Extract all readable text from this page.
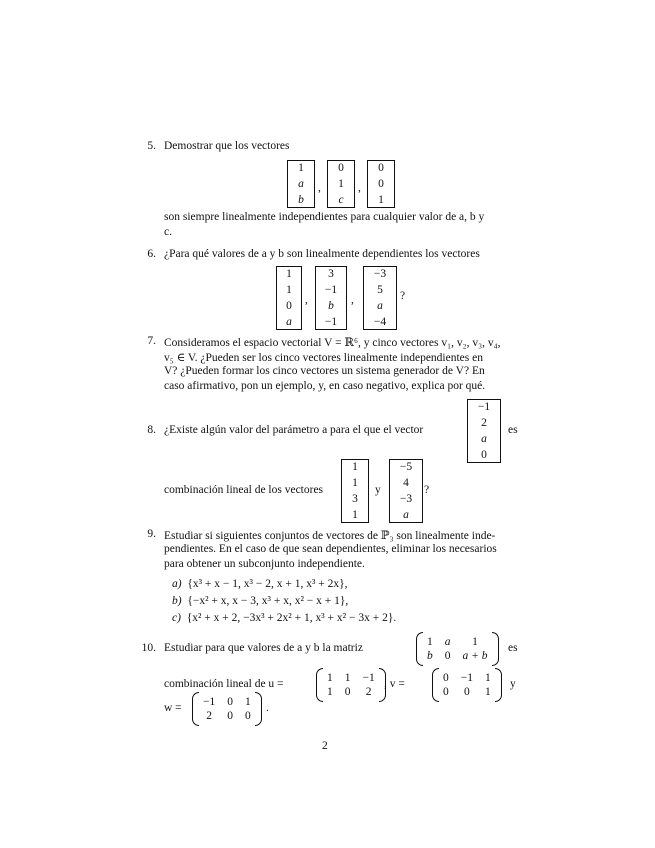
5. Demostrar que los vectores
1
a
b
,
0
1
c
,
0
0
1
son siempre linealmente independientes para cualquier valor de a, b y
c.
6. ¿Para qué valores de a y b son linealmente dependientes los vectores
1
1
0
a
,
3
−1
b
−1
,
−3
5
a
−4
?
7. Consideramos el espacio vectorial V = ℝ⁶, y cinco vectores v₁, v₂, v₃, v₄,
v₅ ∈ V. ¿Pueden ser los cinco vectores linealmente independientes en
V? ¿Pueden formar los cinco vectores un sistema generador de V? En
caso afirmativo, pon un ejemplo, y, en caso negativo, explica por qué.
8. ¿Existe algún valor del parámetro a para el que el vector
−1
2
a
0
es
combinación lineal de los vectores
1
1
3
1
y
−5
4
−3
a
?
9. Estudiar si siguientes conjuntos de vectores de ℙ₃ son linealmente inde-
pendientes. En el caso de que sean dependientes, eliminar los necesarios
para obtener un subconjunto independiente.
a) {x³ + x − 1, x³ − 2, x + 1, x³ + 2x},
b) {−x² + x, x − 3, x³ + x, x² − x + 1},
c) {x² + x + 2, −3x³ + 2x² + 1, x³ + x² − 3x + 2}.
10. Estudiar para que valores de a y b la matriz	1 a	1
b 0 a + b
es
combinación lineal de u =	1 1 −1
1 0 2
, v =	0 −1 1
0 0 1
y
w = −1 0 1
2 0 0
.
2
